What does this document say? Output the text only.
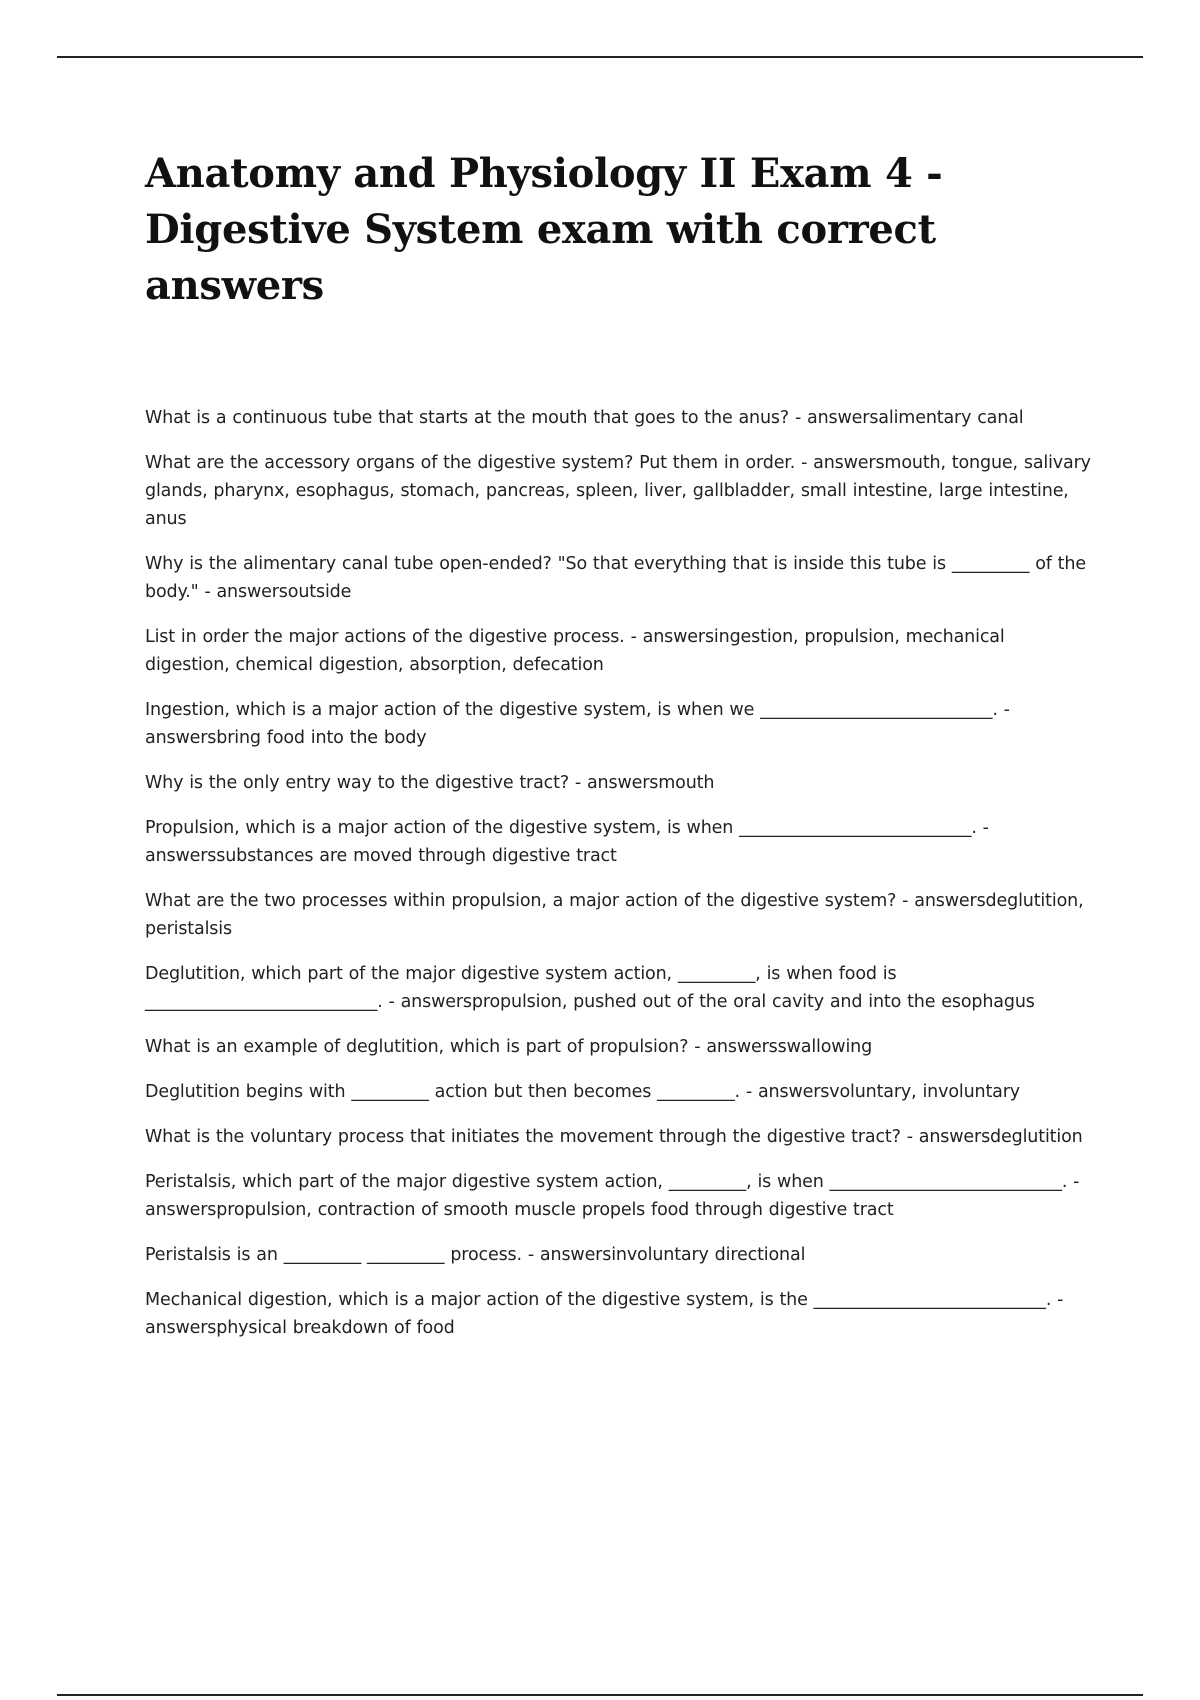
Anatomy and Physiology II Exam 4 - Digestive System exam with correct answers

What is a continuous tube that starts at the mouth that goes to the anus? - answersalimentary canal

What are the accessory organs of the digestive system? Put them in order. - answersmouth, tongue, salivary glands, pharynx, esophagus, stomach, pancreas, spleen, liver, gallbladder, small intestine, large intestine, anus

Why is the alimentary canal tube open-ended? "So that everything that is inside this tube is _________ of the body." - answersoutside

List in order the major actions of the digestive process. - answersingestion, propulsion, mechanical digestion, chemical digestion, absorption, defecation

Ingestion, which is a major action of the digestive system, is when we ___________________________. - answersbring food into the body

Why is the only entry way to the digestive tract? - answersmouth

Propulsion, which is a major action of the digestive system, is when ___________________________. - answerssubstances are moved through digestive tract

What are the two processes within propulsion, a major action of the digestive system? - answersdeglutition, peristalsis

Deglutition, which part of the major digestive system action, _________, is when food is ___________________________. - answerspropulsion, pushed out of the oral cavity and into the esophagus

What is an example of deglutition, which is part of propulsion? - answersswallowing

Deglutition begins with _________ action but then becomes _________. - answersvoluntary, involuntary

What is the voluntary process that initiates the movement through the digestive tract? - answersdeglutition

Peristalsis, which part of the major digestive system action, _________, is when ___________________________. - answerspropulsion, contraction of smooth muscle propels food through digestive tract

Peristalsis is an _________ _________ process. - answersinvoluntary directional

Mechanical digestion, which is a major action of the digestive system, is the ___________________________. - answersphysical breakdown of food
